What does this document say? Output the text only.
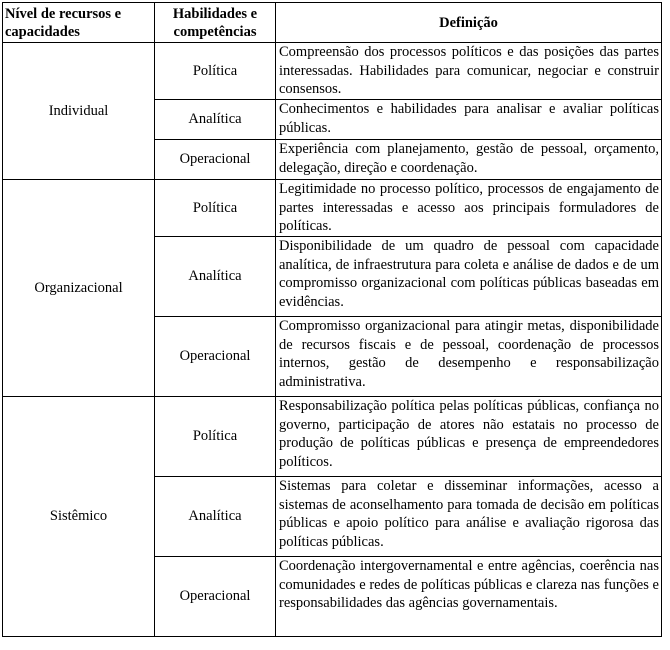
Nível de recursos e capacidades	Habilidades e competências	Definição
Individual	Política	Compreensão dos processos políticos e das posições das partes interessadas. Habilidades para comunicar, negociar e construir consensos.
	Analítica	Conhecimentos e habilidades para analisar e avaliar políticas públicas.
	Operacional	Experiência com planejamento, gestão de pessoal, orçamento, delegação, direção e coordenação.
Organizacional	Política	Legitimidade no processo político, processos de engajamento de partes interessadas e acesso aos principais formuladores de políticas.
	Analítica	Disponibilidade de um quadro de pessoal com capacidade analítica, de infraestrutura para coleta e análise de dados e de um compromisso organizacional com políticas públicas baseadas em evidências.
	Operacional	Compromisso organizacional para atingir metas, disponibilidade de recursos fiscais e de pessoal, coordenação de processos internos, gestão de desempenho e responsabilização administrativa.
Sistêmico	Política	Responsabilização política pelas políticas públicas, confiança no governo, participação de atores não estatais no processo de produção de políticas públicas e presença de empreendedores políticos.
	Analítica	Sistemas para coletar e disseminar informações, acesso a sistemas de aconselhamento para tomada de decisão em políticas públicas e apoio político para análise e avaliação rigorosa das políticas públicas.
	Operacional	Coordenação intergovernamental e entre agências, coerência nas comunidades e redes de políticas públicas e clareza nas funções e responsabilidades das agências governamentais.
